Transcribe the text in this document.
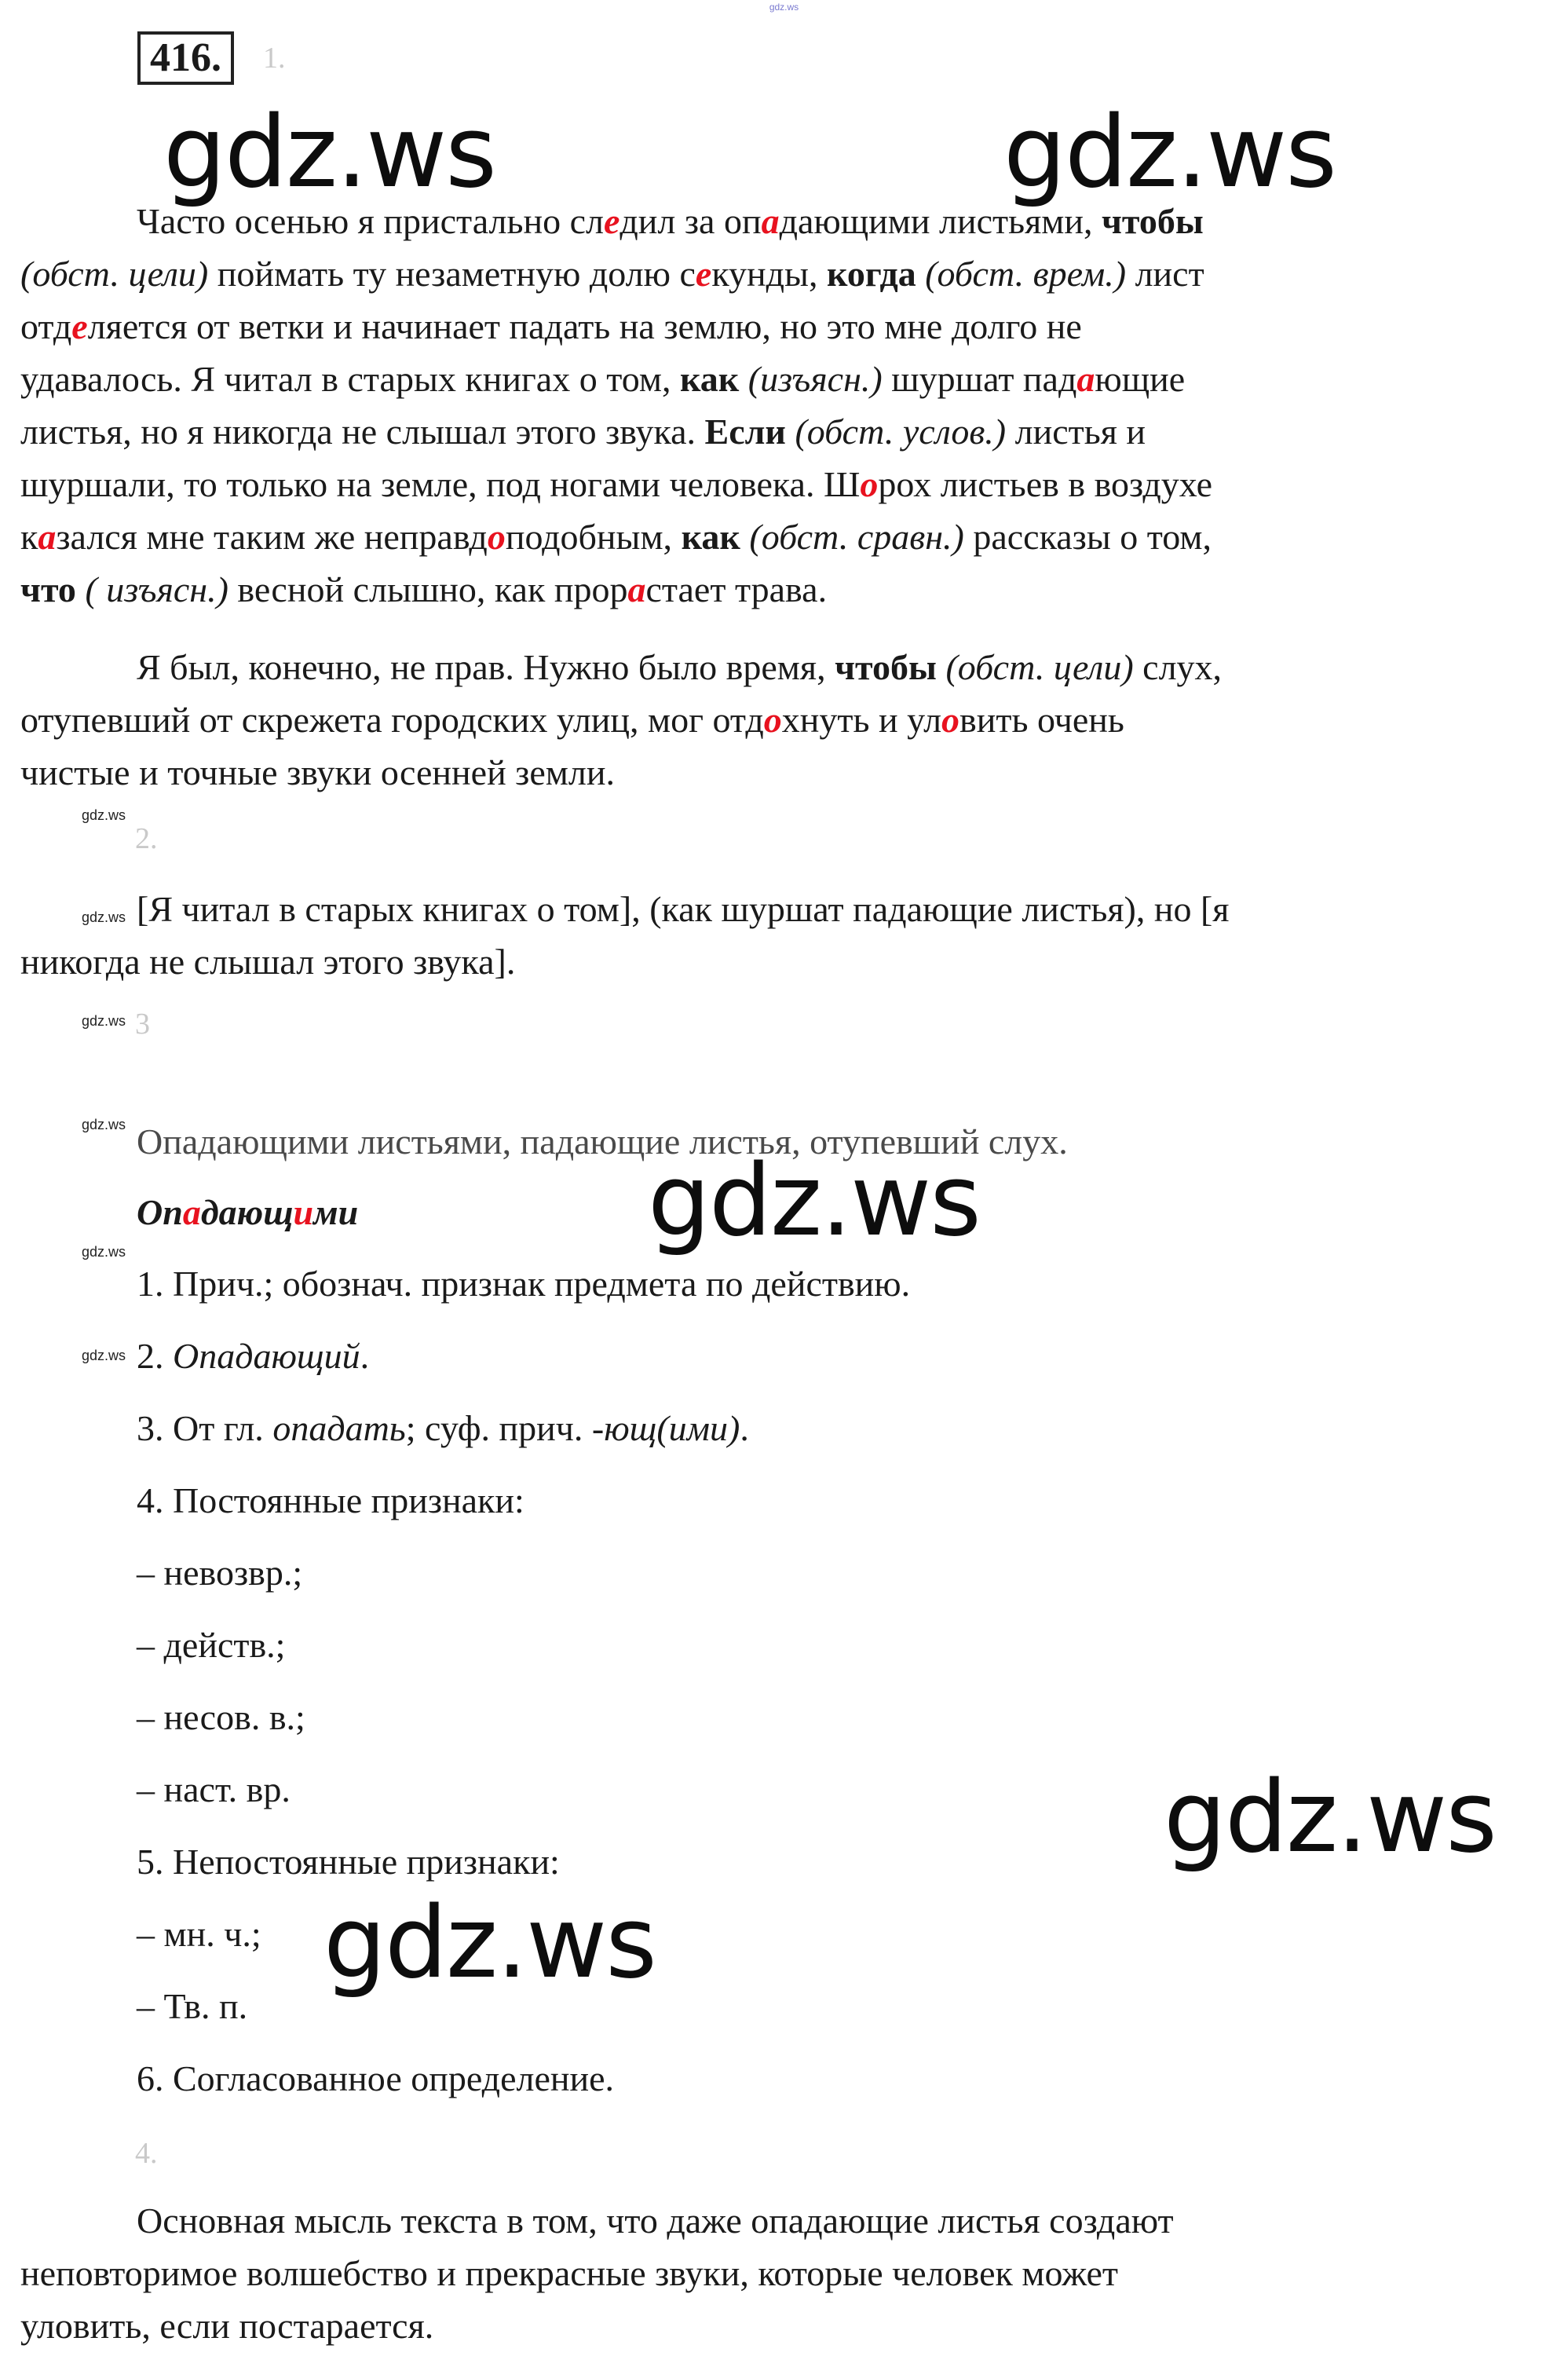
gdz.ws
416.	1.
Часто осенью я пристально следил за опадающими листьями, чтобы
(обст. цели) поймать ту незаметную долю секунды, когда (обст. врем.) лист
отделяется от ветки и начинает падать на землю, но это мне долго не
удавалось. Я читал в старых книгах о том, как (изъясн.) шуршат падающие
листья, но я никогда не слышал этого звука. Если (обст. услов.) листья и
шуршали, то только на земле, под ногами человека. Шорох листьев в воздухе
казался мне таким же неправдоподобным, как (обст. сравн.) рассказы о том,
что ( изъясн.) весной слышно, как прорастает трава.
Я был, конечно, не прав. Нужно было время, чтобы (обст. цели) слух,
отупевший от скрежета городских улиц, мог отдохнуть и уловить очень
чистые и точные звуки осенней земли.
gdz.ws
2.
gdz.ws [Я читал в старых книгах о том], (как шуршат падающие листья), но [я
никогда не слышал этого звука].
gdz.ws 3
gdz.ws Опадающими листьями, падающие листья, отупевший слух.
Опадающими
gdz.ws
1. Прич.; обознач. признак предмета по действию.
gdz.ws 2. Опадающий.
3. От гл. опадать; суф. прич. -ющ(ими).
4. Постоянные признаки:
– невозвр.;
– действ.;
– несов. в.;
– наст. вр.
5. Непостоянные признаки:
– мн. ч.;
– Тв. п.
6. Согласованное определение.
4.
Основная мысль текста в том, что даже опадающие листья создают
неповторимое волшебство и прекрасные звуки, которые человек может
уловить, если постарается.
gdz.ws	gdz.ws
gdz.ws
gdz.ws
gdz.ws
